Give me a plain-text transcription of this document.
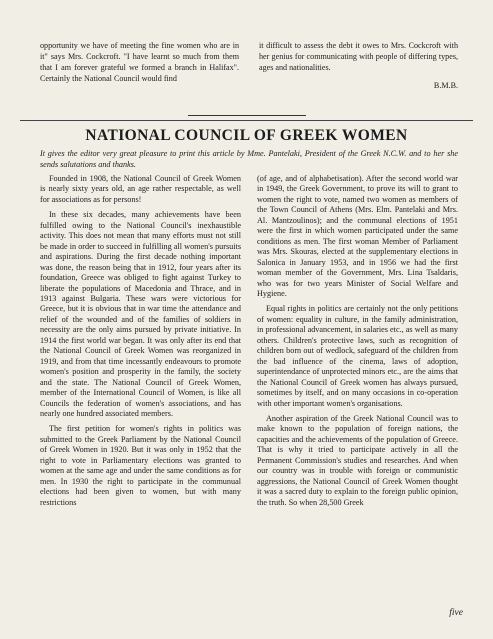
opportunity we have of meeting the fine women who are in it" says Mrs. Cockcroft. "I have learnt so much from them that I am forever grateful we formed a branch in Halifax". Certainly the National Council would find

it difficult to assess the debt it owes to Mrs. Cockcroft with her genius for communicating with people of differing types, ages and nationalities.

B.M.B.

NATIONAL COUNCIL OF GREEK WOMEN

It gives the editor very great pleasure to print this article by Mme. Pantelaki, President of the Greek N.C.W. and to her she sends salutations and thanks.

Founded in 1908, the National Council of Greek Women is nearly sixty years old, an age rather respectable, as well for associations as for persons!

In these six decades, many achievements have been fulfilled owing to the National Council's inexhaustible activity. This does not mean that many efforts must not still be made in order to succeed in fulfilling all women's pursuits and aspirations. During the first decade nothing important was done, the reason being that in 1912, four years after its foundation, Greece was obliged to fight against Turkey to liberate the populations of Macedonia and Thrace, and in 1913 against Bulgaria. These wars were victorious for Greece, but it is obvious that in war time the attendance and relief of the wounded and of the families of soldiers in necessity are the only aims pursued by private initiative. In 1914 the first world war began. It was only after its end that the National Council of Greek Women was reorganized in 1919, and from that time incessantly endeavours to promote women's position and prosperity in the family, the society and the state. The National Council of Greek Women, member of the International Council of Women, is like all Councils the federation of women's associations, and has nearly one hundred associated members.

The first petition for women's rights in politics was submitted to the Greek Parliament by the National Council of Greek Women in 1920. But it was only in 1952 that the right to vote in Parliamentary elections was granted to women at the same age and under the same conditions as for men. In 1930 the right to participate in the communual elections had been given to women, but with many restrictions

(of age, and of alphabetisation). After the second world war in 1949, the Greek Government, to prove its will to grant to women the right to vote, named two women as members of the Town Council of Athens (Mrs. Elm. Pantelaki and Mrs. Al. Mantzoulinos); and the communal elections of 1951 were the first in which women participated under the same conditions as men. The first woman Member of Parliament was Mrs. Skouras, elected at the supplementary elections in Salonica in January 1953, and in 1956 we had the first woman member of the Government, Mrs. Lina Tsaldaris, who was for two years Minister of Social Welfare and Hygiene.

Equal rights in politics are certainly not the only petitions of women: equality in culture, in the family administration, in professional advancement, in salaries etc., as well as many others. Children's protective laws, such as recognition of children born out of wedlock, safeguard of the children from the bad influence of the cinema, laws of adoption, superintendance of unprotected minors etc., are the aims that the National Council of Greek women has always pursued, sometimes by itself, and on many occasions in co-operation with other important women's organisations.

Another aspiration of the Greek National Council was to make known to the population of foreign nations, the capacities and the achievements of the population of Greece. That is why it tried to participate actively in all the Permanent Commission's studies and researches. And when our country was in trouble with foreign or communistic aggressions, the National Council of Greek Women thought it was a sacred duty to explain to the foreign public opinion, the truth. So when 28,500 Greek

five
